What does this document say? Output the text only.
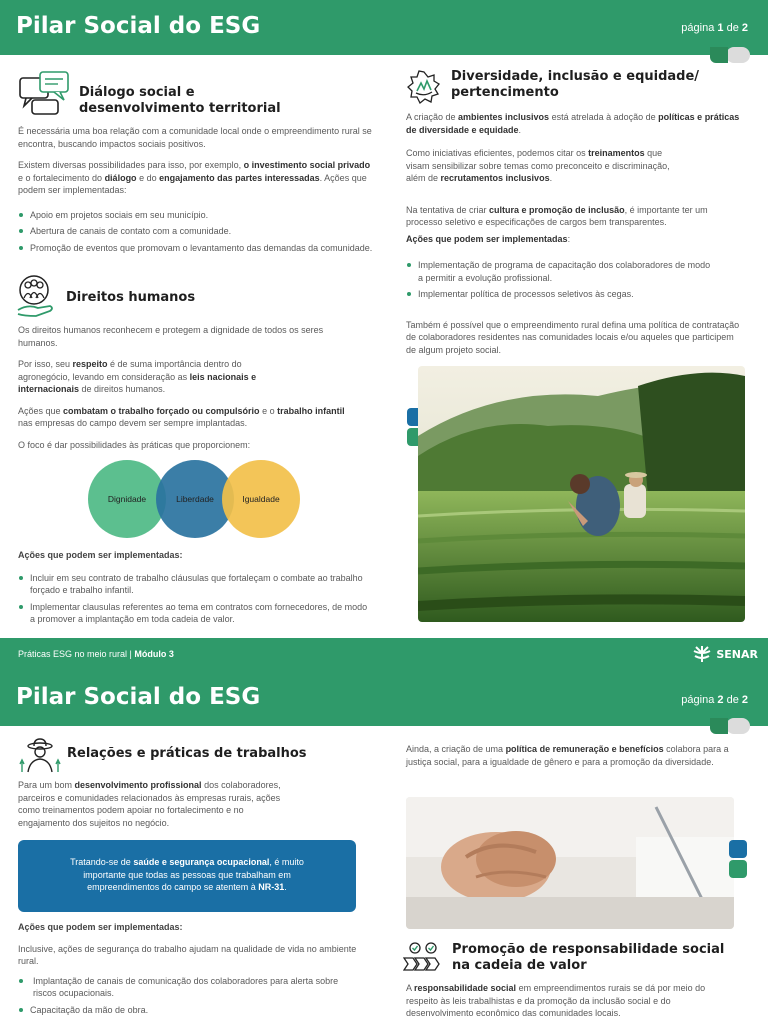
Pilar Social do ESG	página 1 de 2
Diálogo social e desenvolvimento territorial

É necessária uma boa relação com a comunidade local onde o empreendimento rural se encontra, buscando impactos sociais positivos.

Existem diversas possibilidades para isso, por exemplo, o investimento social privado e o fortalecimento do diálogo e do engajamento das partes interessadas. Ações que podem ser implementadas:

Apoio em projetos sociais em seu município.
Abertura de canais de contato com a comunidade.
Promoção de eventos que promovam o levantamento das demandas da comunidade.
Direitos humanos

Os direitos humanos reconhecem e protegem a dignidade de todos os seres humanos.

Por isso, seu respeito é de suma importância dentro do agronegócio, levando em consideração as leis nacionais e internacionais de direitos humanos.

Ações que combatam o trabalho forçado ou compulsório e o trabalho infantil nas empresas do campo devem ser sempre implantadas.

O foco é dar possibilidades às práticas que proporcionem:

Dignidade	Liberdade	Igualdade

Ações que podem ser implementadas:

Incluir em seu contrato de trabalho cláusulas que fortaleçam o combate ao trabalho forçado e trabalho infantil.
Implementar clausulas referentes ao tema em contratos com fornecedores, de modo a promover a implantação em toda cadeia de valor.
Diversidade, inclusão e equidade/ pertencimento

A criação de ambientes inclusivos está atrelada à adoção de políticas e práticas de diversidade e equidade.

Como iniciativas eficientes, podemos citar os treinamentos que visam sensibilizar sobre temas como preconceito e discriminação, além de recrutamentos inclusivos.

Na tentativa de criar cultura e promoção de inclusão, é importante ter um processo seletivo e especificações de cargos bem transparentes.

Ações que podem ser implementadas:

Implementação de programa de capacitação dos colaboradores de modo a permitir a evolução profissional.
Implementar política de processos seletivos às cegas.

Também é possível que o empreendimento rural defina uma política de contratação de colaboradores residentes nas comunidades locais e/ou aqueles que participem de algum projeto social.

Práticas ESG no meio rural | Módulo 3	SENAR
Pilar Social do ESG	página 2 de 2
Relações e práticas de trabalhos

Para um bom desenvolvimento profissional dos colaboradores, parceiros e comunidades relacionados às empresas rurais, ações como treinamentos podem apoiar no fortalecimento e no engajamento dos sujeitos no negócio.

Tratando-se de saúde e segurança ocupacional, é muito importante que todas as pessoas que trabalham em empreendimentos do campo se atentem à NR-31.

Ações que podem ser implementadas:

Inclusive, ações de segurança do trabalho ajudam na qualidade de vida no ambiente rural.

Implantação de canais de comunicação dos colaboradores para alerta sobre riscos ocupacionais.
Capacitação da mão de obra.

Ainda, a criação de uma política de remuneração e benefícios colabora para a justiça social, para a igualdade de gênero e para a promoção da diversidade.

Promoção de responsabilidade social na cadeia de valor

A responsabilidade social em empreendimentos rurais se dá por meio do respeito às leis trabalhistas e da promoção da inclusão social e do desenvolvimento econômico das comunidades locais.
